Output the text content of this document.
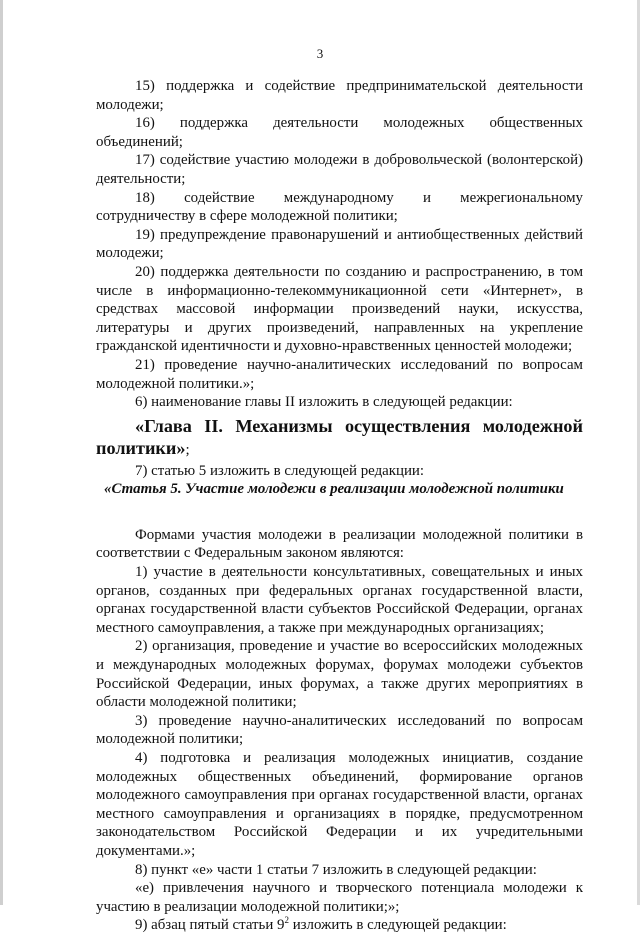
3

15) поддержка и содействие предпринимательской деятельности молодежи;

16) поддержка деятельности молодежных общественных объединений;

17) содействие участию молодежи в добровольческой (волонтерской) деятельности;

18) содействие международному и межрегиональному сотрудничеству в сфере молодежной политики;

19) предупреждение правонарушений и антиобщественных действий молодежи;

20) поддержка деятельности по созданию и распространению, в том числе в информационно-телекоммуникационной сети «Интернет», в средствах массовой информации произведений науки, искусства, литературы и других произведений, направленных на укрепление гражданской идентичности и духовно-нравственных ценностей молодежи;

21) проведение научно-аналитических исследований по вопросам молодежной политики.»;

6) наименование главы II изложить в следующей редакции:

«Глава II. Механизмы осуществления молодежной политики»;

7) статью 5 изложить в следующей редакции:

«Статья 5. Участие молодежи в реализации молодежной политики

Формами участия молодежи в реализации молодежной политики в соответствии с Федеральным законом являются:

1) участие в деятельности консультативных, совещательных и иных органов, созданных при федеральных органах государственной власти, органах государственной власти субъектов Российской Федерации, органах местного самоуправления, а также при международных организациях;

2) организация, проведение и участие во всероссийских молодежных и международных молодежных форумах, форумах молодежи субъектов Российской Федерации, иных форумах, а также других мероприятиях в области молодежной политики;

3) проведение научно-аналитических исследований по вопросам молодежной политики;

4) подготовка и реализация молодежных инициатив, создание молодежных общественных объединений, формирование органов молодежного самоуправления при органах государственной власти, органах местного самоуправления и организациях в порядке, предусмотренном законодательством Российской Федерации и их учредительными документами.»;

8) пункт «е» части 1 статьи 7 изложить в следующей редакции:

«е) привлечения научного и творческого потенциала молодежи к участию в реализации молодежной политики;»;

9) абзац пятый статьи $9^2$ изложить в следующей редакции:
